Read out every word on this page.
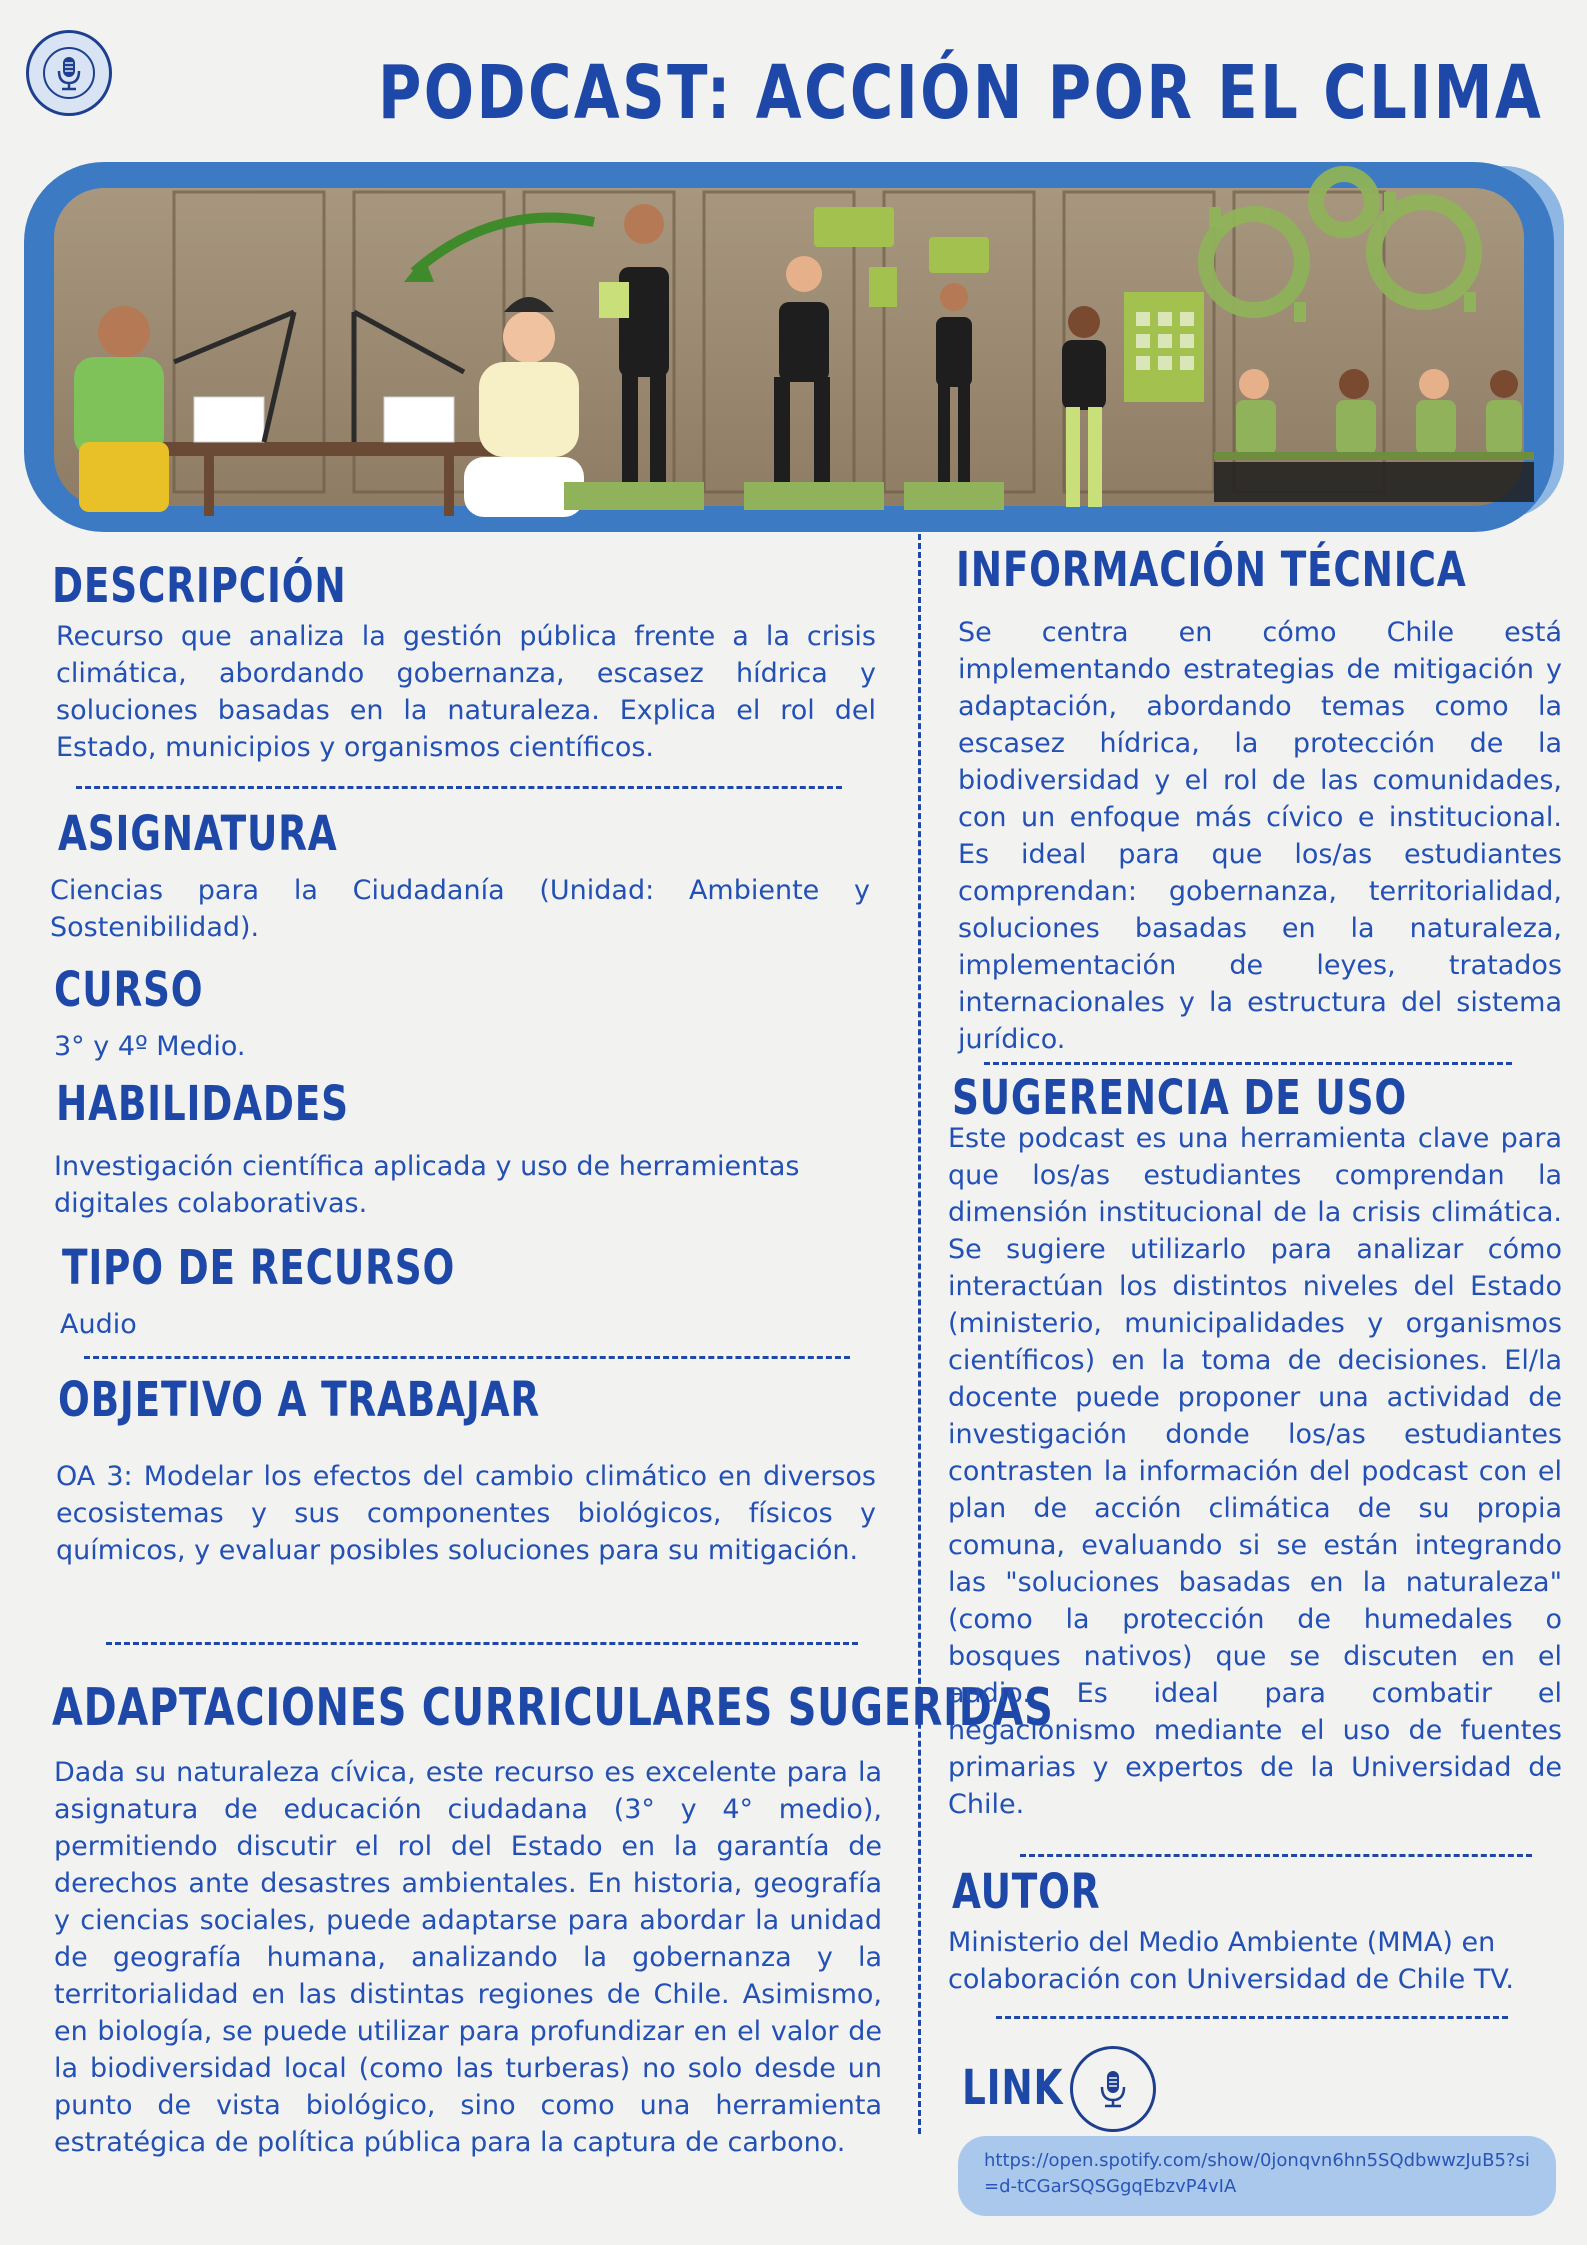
PODCAST: ACCIÓN POR EL CLIMA
DESCRIPCIÓN
Recurso que analiza la gestión pública frente a la crisis climática, abordando gobernanza, escasez hídrica y soluciones basadas en la naturaleza. Explica el rol del Estado, municipios y organismos científicos.
ASIGNATURA
Ciencias para la Ciudadanía (Unidad: Ambiente y Sostenibilidad).
CURSO
3° y 4º Medio.
HABILIDADES
Investigación científica aplicada y uso de herramientas digitales colaborativas.
TIPO DE RECURSO
Audio
OBJETIVO A TRABAJAR
OA 3: Modelar los efectos del cambio climático en diversos ecosistemas y sus componentes biológicos, físicos y químicos, y evaluar posibles soluciones para su mitigación.
ADAPTACIONES CURRICULARES SUGERIDAS
Dada su naturaleza cívica, este recurso es excelente para la asignatura de educación ciudadana (3° y 4° medio), permitiendo discutir el rol del Estado en la garantía de derechos ante desastres ambientales. En historia, geografía y ciencias sociales, puede adaptarse para abordar la unidad de geografía humana, analizando la gobernanza y la territorialidad en las distintas regiones de Chile. Asimismo, en biología, se puede utilizar para profundizar en el valor de la biodiversidad local (como las turberas) no solo desde un punto de vista biológico, sino como una herramienta estratégica de política pública para la captura de carbono.
INFORMACIÓN TÉCNICA
Se centra en cómo Chile está implementando estrategias de mitigación y adaptación, abordando temas como la escasez hídrica, la protección de la biodiversidad y el rol de las comunidades, con un enfoque más cívico e institucional. Es ideal para que los/as estudiantes comprendan: gobernanza, territorialidad, soluciones basadas en la naturaleza, implementación de leyes, tratados internacionales y la estructura del sistema jurídico.
SUGERENCIA DE USO
Este podcast es una herramienta clave para que los/as estudiantes comprendan la dimensión institucional de la crisis climática. Se sugiere utilizarlo para analizar cómo interactúan los distintos niveles del Estado (ministerio, municipalidades y organismos científicos) en la toma de decisiones. El/la docente puede proponer una actividad de investigación donde los/as estudiantes contrasten la información del podcast con el plan de acción climática de su propia comuna, evaluando si se están integrando las "soluciones basadas en la naturaleza" (como la protección de humedales o bosques nativos) que se discuten en el audio. Es ideal para combatir el negacionismo mediante el uso de fuentes primarias y expertos de la Universidad de Chile.
AUTOR
Ministerio del Medio Ambiente (MMA) en colaboración con Universidad de Chile TV.
LINK
https://open.spotify.com/show/0jonqvn6hn5SQdbwwzJuB5?si=d-tCGarSQSGgqEbzvP4vIA
